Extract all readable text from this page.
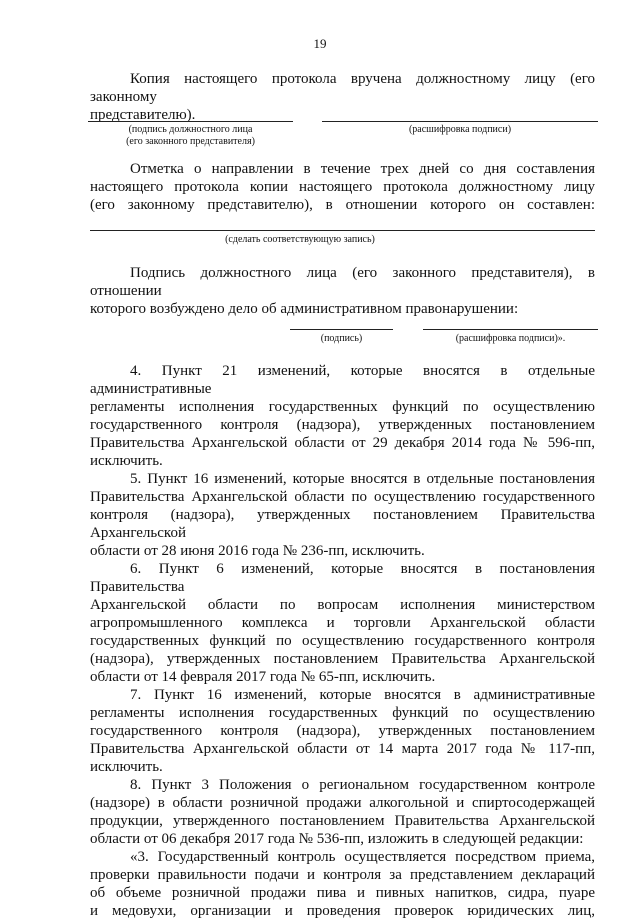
19

Копия настоящего протокола вручена должностному лицу (его законному

представителю).

(подпись должностного лица
(его законного представителя)
(расшифровка подписи)

Отметка о направлении в течение трех дней со дня составления

настоящего протокола копии настоящего протокола должностному лицу

(его законному представителю), в отношении которого он составлен:

(сделать соответствующую запись)

Подпись должностного лица (его законного представителя), в отношении

которого возбуждено дело об административном правонарушении:

(подпись)	(расшифровка подписи)».

4. Пункт 21 изменений, которые вносятся в отдельные административные

регламенты исполнения государственных функций по осуществлению

государственного контроля (надзора), утвержденных постановлением

Правительства Архангельской области от 29 декабря 2014 года № 596-пп,

исключить.

5. Пункт 16 изменений, которые вносятся в отдельные постановления

Правительства Архангельской области по осуществлению государственного

контроля (надзора), утвержденных постановлением Правительства Архангельской

области от 28 июня 2016 года № 236-пп, исключить.

6. Пункт 6 изменений, которые вносятся в постановления Правительства

Архангельской области по вопросам исполнения министерством

агропромышленного комплекса и торговли Архангельской области

государственных функций по осуществлению государственного контроля

(надзора), утвержденных постановлением Правительства Архангельской

области от 14 февраля 2017 года № 65-пп, исключить.

7. Пункт 16 изменений, которые вносятся в административные

регламенты исполнения государственных функций по осуществлению

государственного контроля (надзора), утвержденных постановлением

Правительства Архангельской области от 14 марта 2017 года № 117-пп,

исключить.

8. Пункт 3 Положения о региональном государственном контроле

(надзоре) в области розничной продажи алкогольной и спиртосодержащей

продукции, утвержденного постановлением Правительства Архангельской

области от 06 декабря 2017 года № 536-пп, изложить в следующей редакции:

«3. Государственный контроль осуществляется посредством приема,

проверки правильности подачи и контроля за представлением деклараций

об объеме розничной продажи пива и пивных напитков, сидра, пуаре

и медовухи, организации и проведения проверок юридических лиц,
